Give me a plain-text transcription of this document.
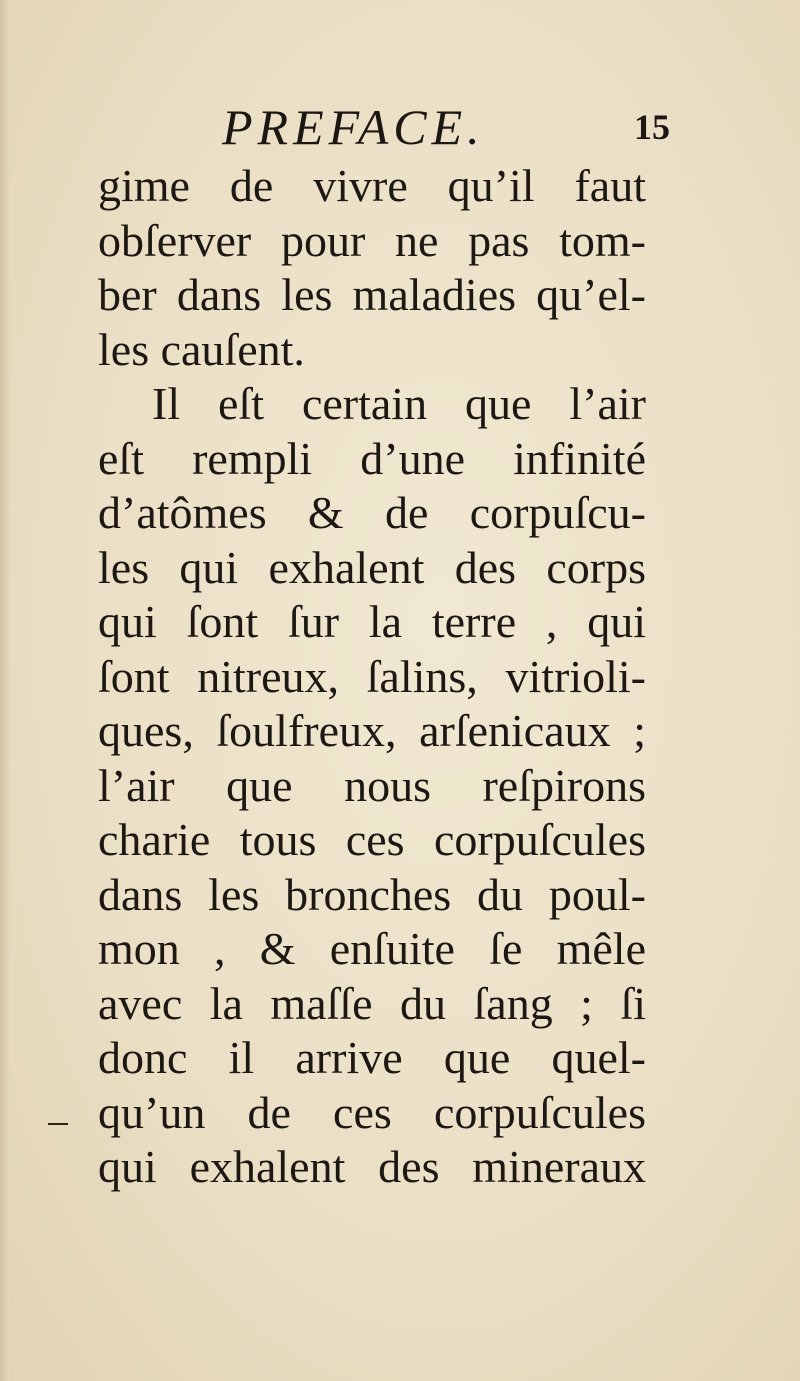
PREFACE.	15
gime de vivre qu’il faut
obſerver pour ne pas tom-
ber dans les maladies qu’el-
les cauſent.
Il eſt certain que l’air
eſt rempli d’une infinité
d’atômes & de corpuſcu-
les qui exhalent des corps
qui ſont ſur la terre , qui
ſont nitreux, ſalins, vitrioli-
ques, ſoulfreux, arſenicaux ;
l’air que nous reſpirons
charie tous ces corpuſcules
dans les bronches du poul-
mon , & enſuite ſe mêle
avec la maſſe du ſang ; ſi
donc il arrive que quel-
qu’un de ces corpuſcules
qui exhalent des mineraux
